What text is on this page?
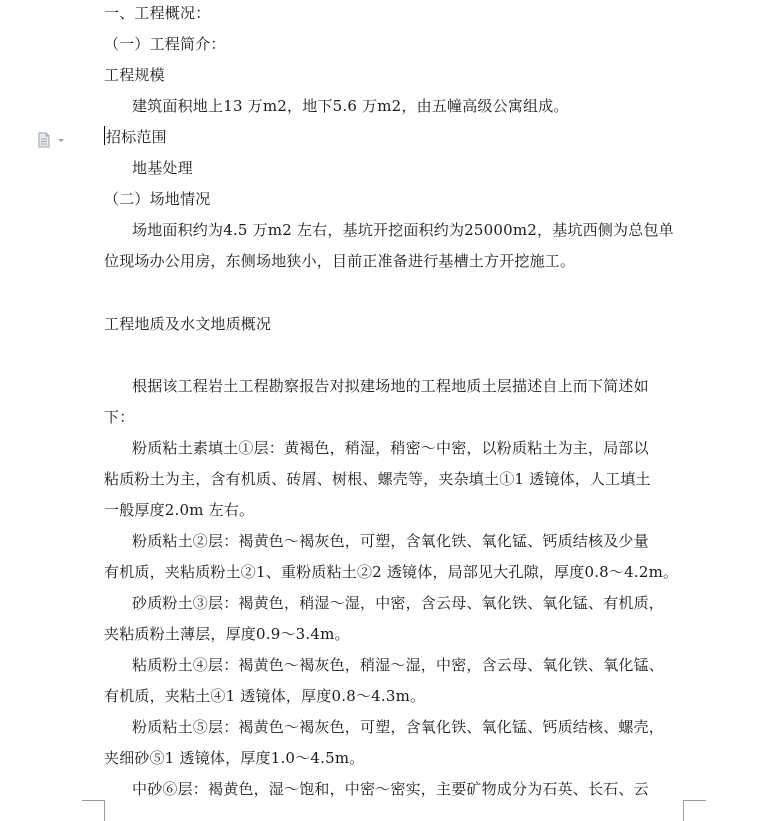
一、工程概况：
（一）工程简介：
工程规模
建筑面积地上13 万m2，地下5.6 万m2，由五幢高级公寓组成。
招标范围
地基处理
（二）场地情况
场地面积约为4.5 万m2 左右，基坑开挖面积约为25000m2，基坑西侧为总包单
位现场办公用房，东侧场地狭小，目前正准备进行基槽土方开挖施工。
工程地质及水文地质概况
根据该工程岩土工程勘察报告对拟建场地的工程地质土层描述自上而下简述如
下：
粉质粘土素填土①层：黄褐色，稍湿，稍密～中密，以粉质粘土为主，局部以
粘质粉土为主，含有机质、砖屑、树根、螺壳等，夹杂填土①1 透镜体，人工填土
一般厚度2.0m 左右。
粉质粘土②层：褐黄色～褐灰色，可塑，含氧化铁、氧化锰、钙质结核及少量
有机质，夹粘质粉土②1、重粉质粘土②2 透镜体，局部见大孔隙，厚度0.8～4.2m。
砂质粉土③层：褐黄色，稍湿～湿，中密，含云母、氧化铁、氧化锰、有机质，
夹粘质粉土薄层，厚度0.9～3.4m。
粘质粉土④层：褐黄色～褐灰色，稍湿～湿，中密，含云母、氧化铁、氧化锰、
有机质，夹粘土④1 透镜体，厚度0.8～4.3m。
粉质粘土⑤层：褐黄色～褐灰色，可塑，含氧化铁、氧化锰、钙质结核、螺壳，
夹细砂⑤1 透镜体，厚度1.0～4.5m。
中砂⑥层：褐黄色，湿～饱和，中密～密实，主要矿物成分为石英、长石、云
